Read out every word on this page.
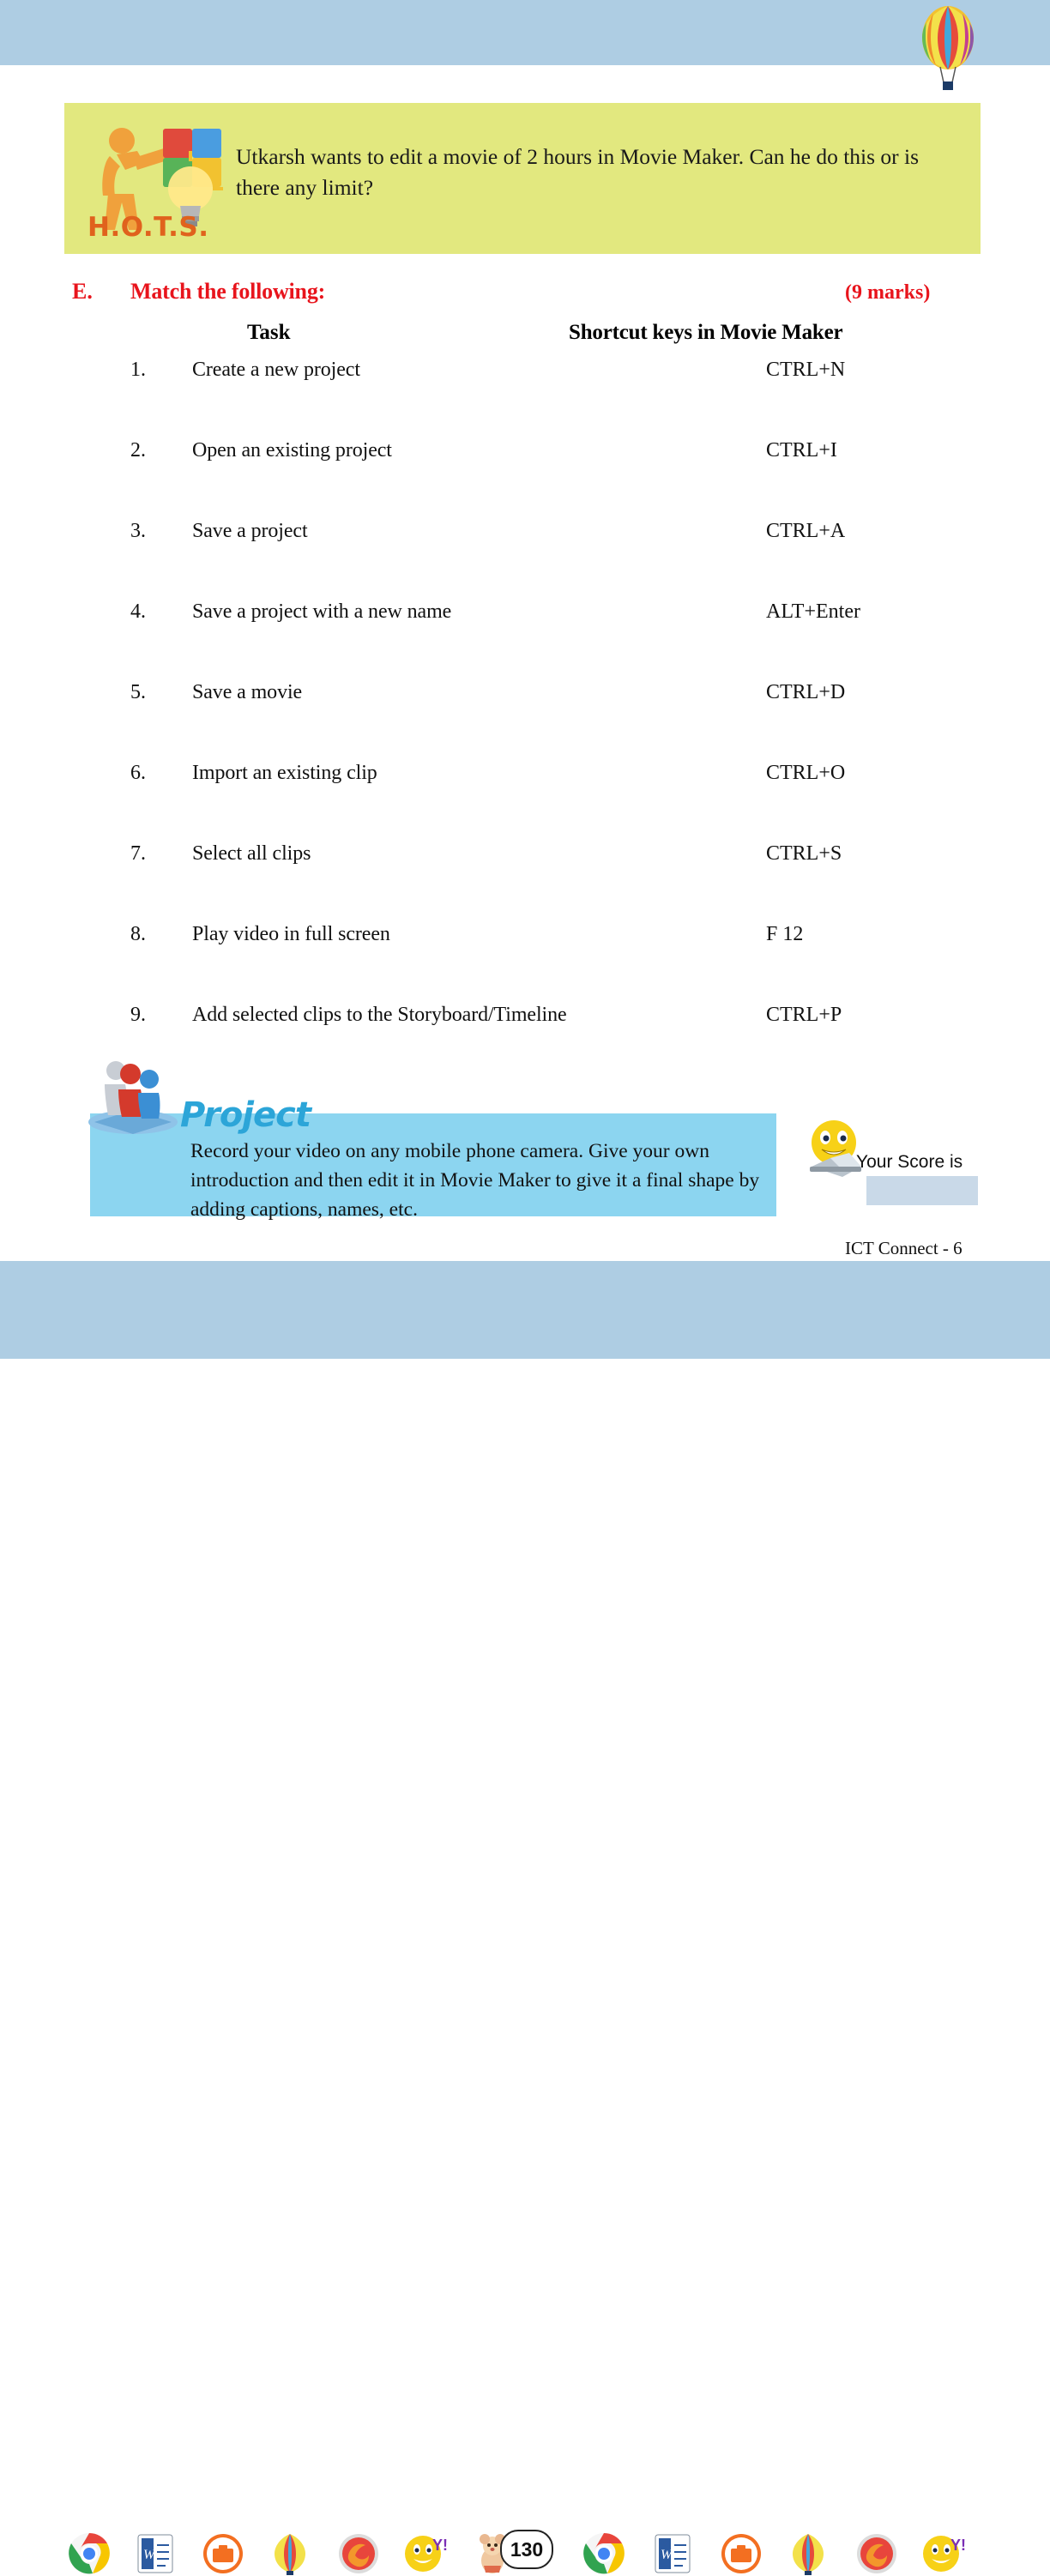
H.O.T.S.
Utkarsh wants to edit a movie of 2 hours in Movie Maker. Can he do this or is there any limit?
E. Match the following:	(9 marks)
Task	Shortcut keys in Movie Maker
1. Create a new project	CTRL+N
2. Open an existing project	CTRL+I
3. Save a project	CTRL+A
4. Save a project with a new name	ALT+Enter
5. Save a movie	CTRL+D
6. Import an existing clip	CTRL+O
7. Select all clips	CTRL+S
8. Play video in full screen	F 12
9. Add selected clips to the Storyboard/Timeline	CTRL+P
Project
Record your video on any mobile phone camera. Give your own introduction and then edit it in Movie Maker to give it a final shape by adding captions, names, etc.
Your Score is
ICT Connect - 6
W
Y!
W
Y!
130
